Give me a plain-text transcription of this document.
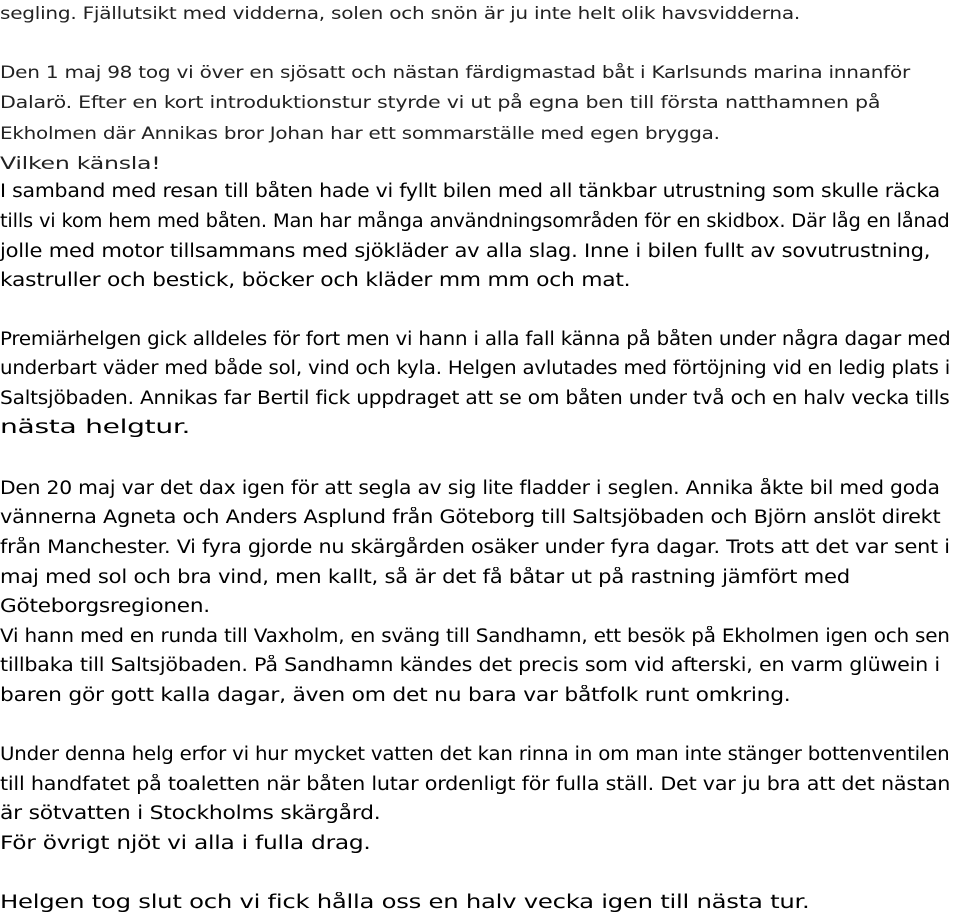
segling. Fjällutsikt med vidderna, solen och snön är ju inte helt olik havsvidderna.
Den 1 maj 98 tog vi över en sjösatt och nästan färdigmastad båt i Karlsunds marina innanför
Dalarö. Efter en kort introduktionstur styrde vi ut på egna ben till första natthamnen på
Ekholmen där Annikas bror Johan har ett sommarställe med egen brygga.
Vilken känsla!
I samband med resan till båten hade vi fyllt bilen med all tänkbar utrustning som skulle räcka
tills vi kom hem med båten. Man har många användningsområden för en skidbox. Där låg en lånad
jolle med motor tillsammans med sjökläder av alla slag. Inne i bilen fullt av sovutrustning,
kastruller och bestick, böcker och kläder mm mm och mat.
Premiärhelgen gick alldeles för fort men vi hann i alla fall känna på båten under några dagar med
underbart väder med både sol, vind och kyla. Helgen avlutades med förtöjning vid en ledig plats i
Saltsjöbaden. Annikas far Bertil fick uppdraget att se om båten under två och en halv vecka tills
nästa helgtur.
Den 20 maj var det dax igen för att segla av sig lite fladder i seglen. Annika åkte bil med goda
vännerna Agneta och Anders Asplund från Göteborg till Saltsjöbaden och Björn anslöt direkt
från Manchester. Vi fyra gjorde nu skärgården osäker under fyra dagar. Trots att det var sent i
maj med sol och bra vind, men kallt, så är det få båtar ut på rastning jämfört med
Göteborgsregionen.
Vi hann med en runda till Vaxholm, en sväng till Sandhamn, ett besök på Ekholmen igen och sen
tillbaka till Saltsjöbaden. På Sandhamn kändes det precis som vid afterski, en varm glüwein i
baren gör gott kalla dagar, även om det nu bara var båtfolk runt omkring.
Under denna helg erfor vi hur mycket vatten det kan rinna in om man inte stänger bottenventilen
till handfatet på toaletten när båten lutar ordenligt för fulla ställ. Det var ju bra att det nästan
är sötvatten i Stockholms skärgård.
För övrigt njöt vi alla i fulla drag.
Helgen tog slut och vi fick hålla oss en halv vecka igen till nästa tur.
